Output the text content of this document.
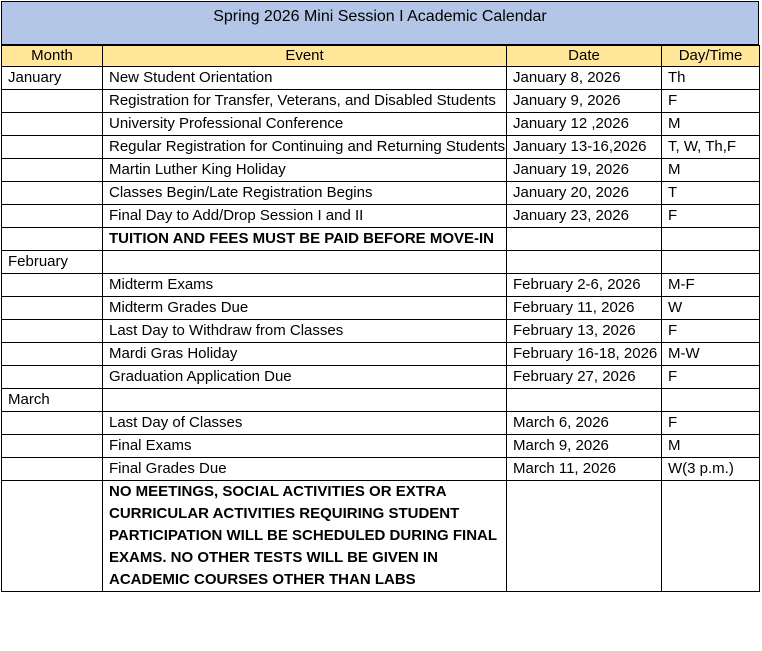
Spring 2026 Mini Session I Academic Calendar
Month	Event	Date	Day/Time
January	New Student Orientation	January 8, 2026	Th
	Registration for Transfer, Veterans, and Disabled Students	January 9, 2026	F
	University Professional Conference	January 12 ,2026	M
	Regular Registration for Continuing and Returning Students	January 13-16,2026	T, W, Th,F
	Martin Luther King Holiday	January 19, 2026	M
	Classes Begin/Late Registration Begins	January 20, 2026	T
	Final Day to Add/Drop Session I and II	January 23, 2026	F
	TUITION AND FEES MUST BE PAID BEFORE MOVE-IN		
February			
	Midterm Exams	February 2-6, 2026	M-F
	Midterm Grades Due	February 11, 2026	W
	Last Day to Withdraw from Classes	February 13, 2026	F
	Mardi Gras Holiday	February 16-18, 2026	M-W
	Graduation Application Due	February 27, 2026	F
March			
	Last Day of Classes	March 6, 2026	F
	Final Exams	March 9, 2026	M
	Final Grades Due	March 11, 2026	W(3 p.m.)
	NO MEETINGS, SOCIAL ACTIVITIES OR EXTRA CURRICULAR ACTIVITIES REQUIRING STUDENT PARTICIPATION WILL BE SCHEDULED DURING FINAL EXAMS. NO OTHER TESTS WILL BE GIVEN IN ACADEMIC COURSES OTHER THAN LABS		
